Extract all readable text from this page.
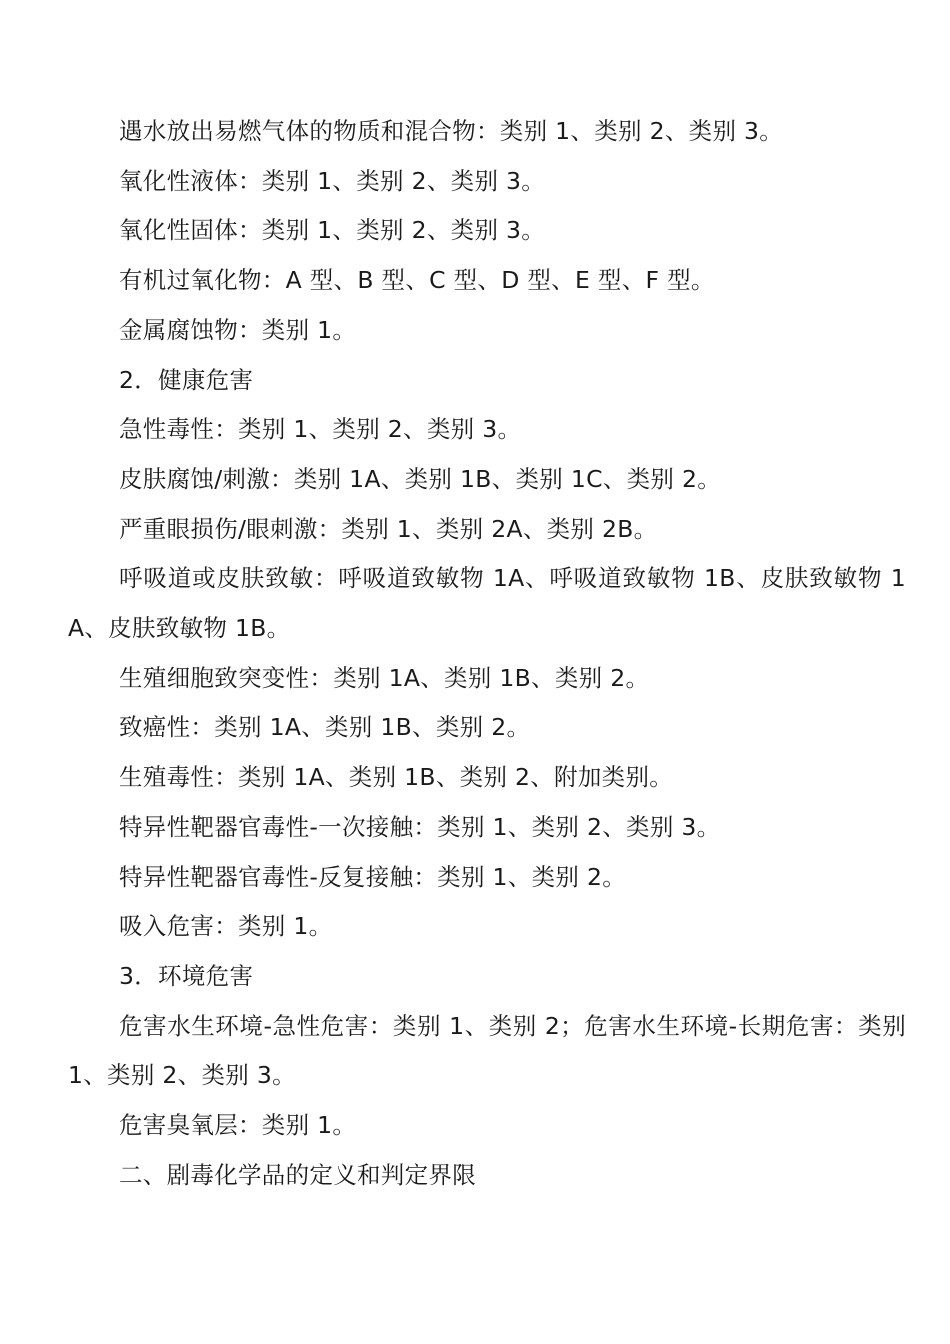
遇水放出易燃气体的物质和混合物：类别 1、类别 2、类别 3。

氧化性液体：类别 1、类别 2、类别 3。

氧化性固体：类别 1、类别 2、类别 3。

有机过氧化物：A 型、B 型、C 型、D 型、E 型、F 型。

金属腐蚀物：类别 1。

2．健康危害

急性毒性：类别 1、类别 2、类别 3。

皮肤腐蚀/刺激：类别 1A、类别 1B、类别 1C、类别 2。

严重眼损伤/眼刺激：类别 1、类别 2A、类别 2B。

呼吸道或皮肤致敏：呼吸道致敏物 1A、呼吸道致敏物 1B、皮肤致敏物 1A、皮肤致敏物 1B。

生殖细胞致突变性：类别 1A、类别 1B、类别 2。

致癌性：类别 1A、类别 1B、类别 2。

生殖毒性：类别 1A、类别 1B、类别 2、附加类别。

特异性靶器官毒性-一次接触：类别 1、类别 2、类别 3。

特异性靶器官毒性-反复接触：类别 1、类别 2。

吸入危害：类别 1。

3．环境危害

危害水生环境-急性危害：类别 1、类别 2；危害水生环境-长期危害：类别 1、类别 2、类别 3。

危害臭氧层：类别 1。

二、剧毒化学品的定义和判定界限
